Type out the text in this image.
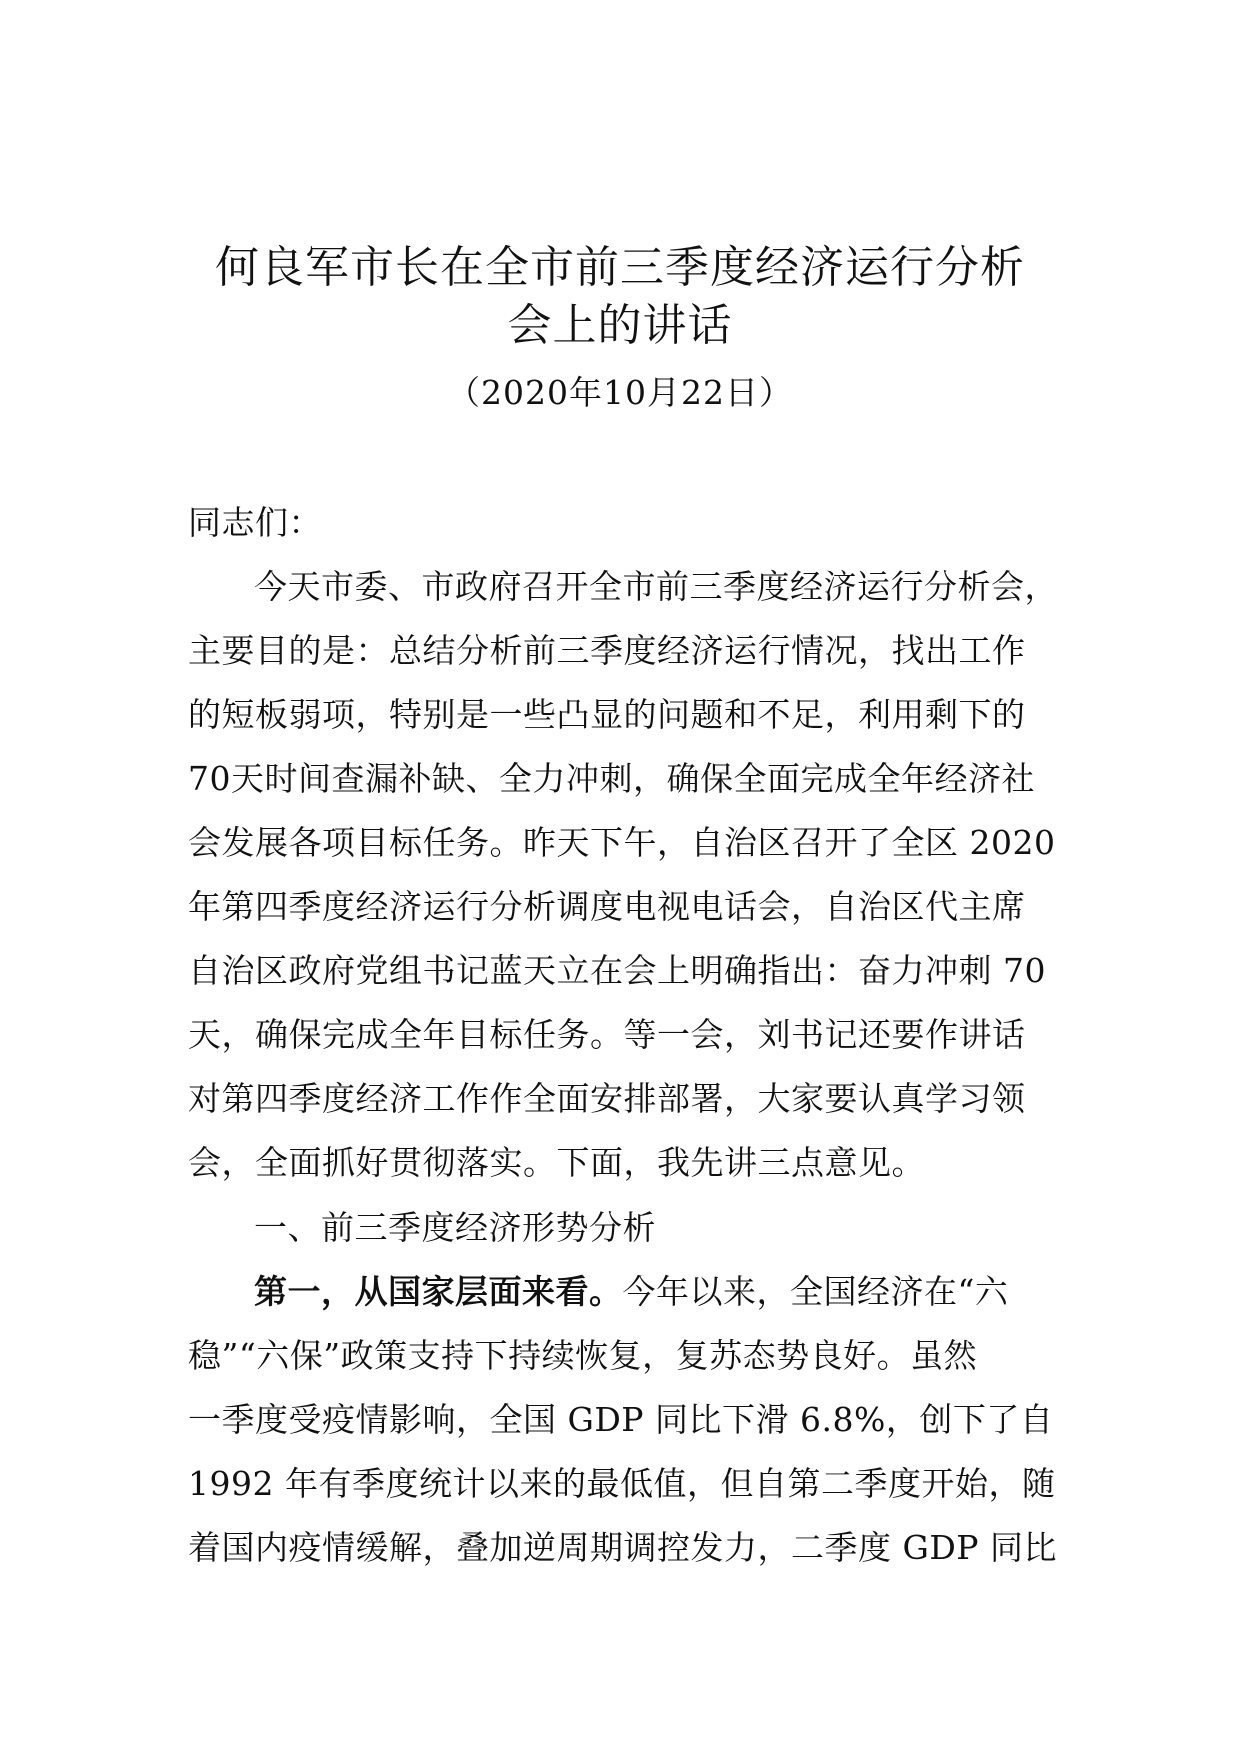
何良军市长在全市前三季度经济运行分析
会上的讲话
（2020年10月22日）
同志们：
今天市委、市政府召开全市前三季度经济运行分析会，
主要目的是：总结分析前三季度经济运行情况，找出工作
的短板弱项，特别是一些凸显的问题和不足，利用剩下的
70天时间查漏补缺、全力冲刺，确保全面完成全年经济社
会发展各项目标任务。昨天下午，自治区召开了全区 2020
年第四季度经济运行分析调度电视电话会，自治区代主席
自治区政府党组书记蓝天立在会上明确指出：奋力冲刺 70
天，确保完成全年目标任务。等一会，刘书记还要作讲话
对第四季度经济工作作全面安排部署，大家要认真学习领
会，全面抓好贯彻落实。下面，我先讲三点意见。
一、前三季度经济形势分析
第一，从国家层面来看。今年以来，全国经济在“六
稳”“六保”政策支持下持续恢复，复苏态势良好。虽然
一季度受疫情影响，全国 GDP 同比下滑 6.8%，创下了自
1992 年有季度统计以来的最低值，但自第二季度开始，随
着国内疫情缓解，叠加逆周期调控发力，二季度 GDP 同比
